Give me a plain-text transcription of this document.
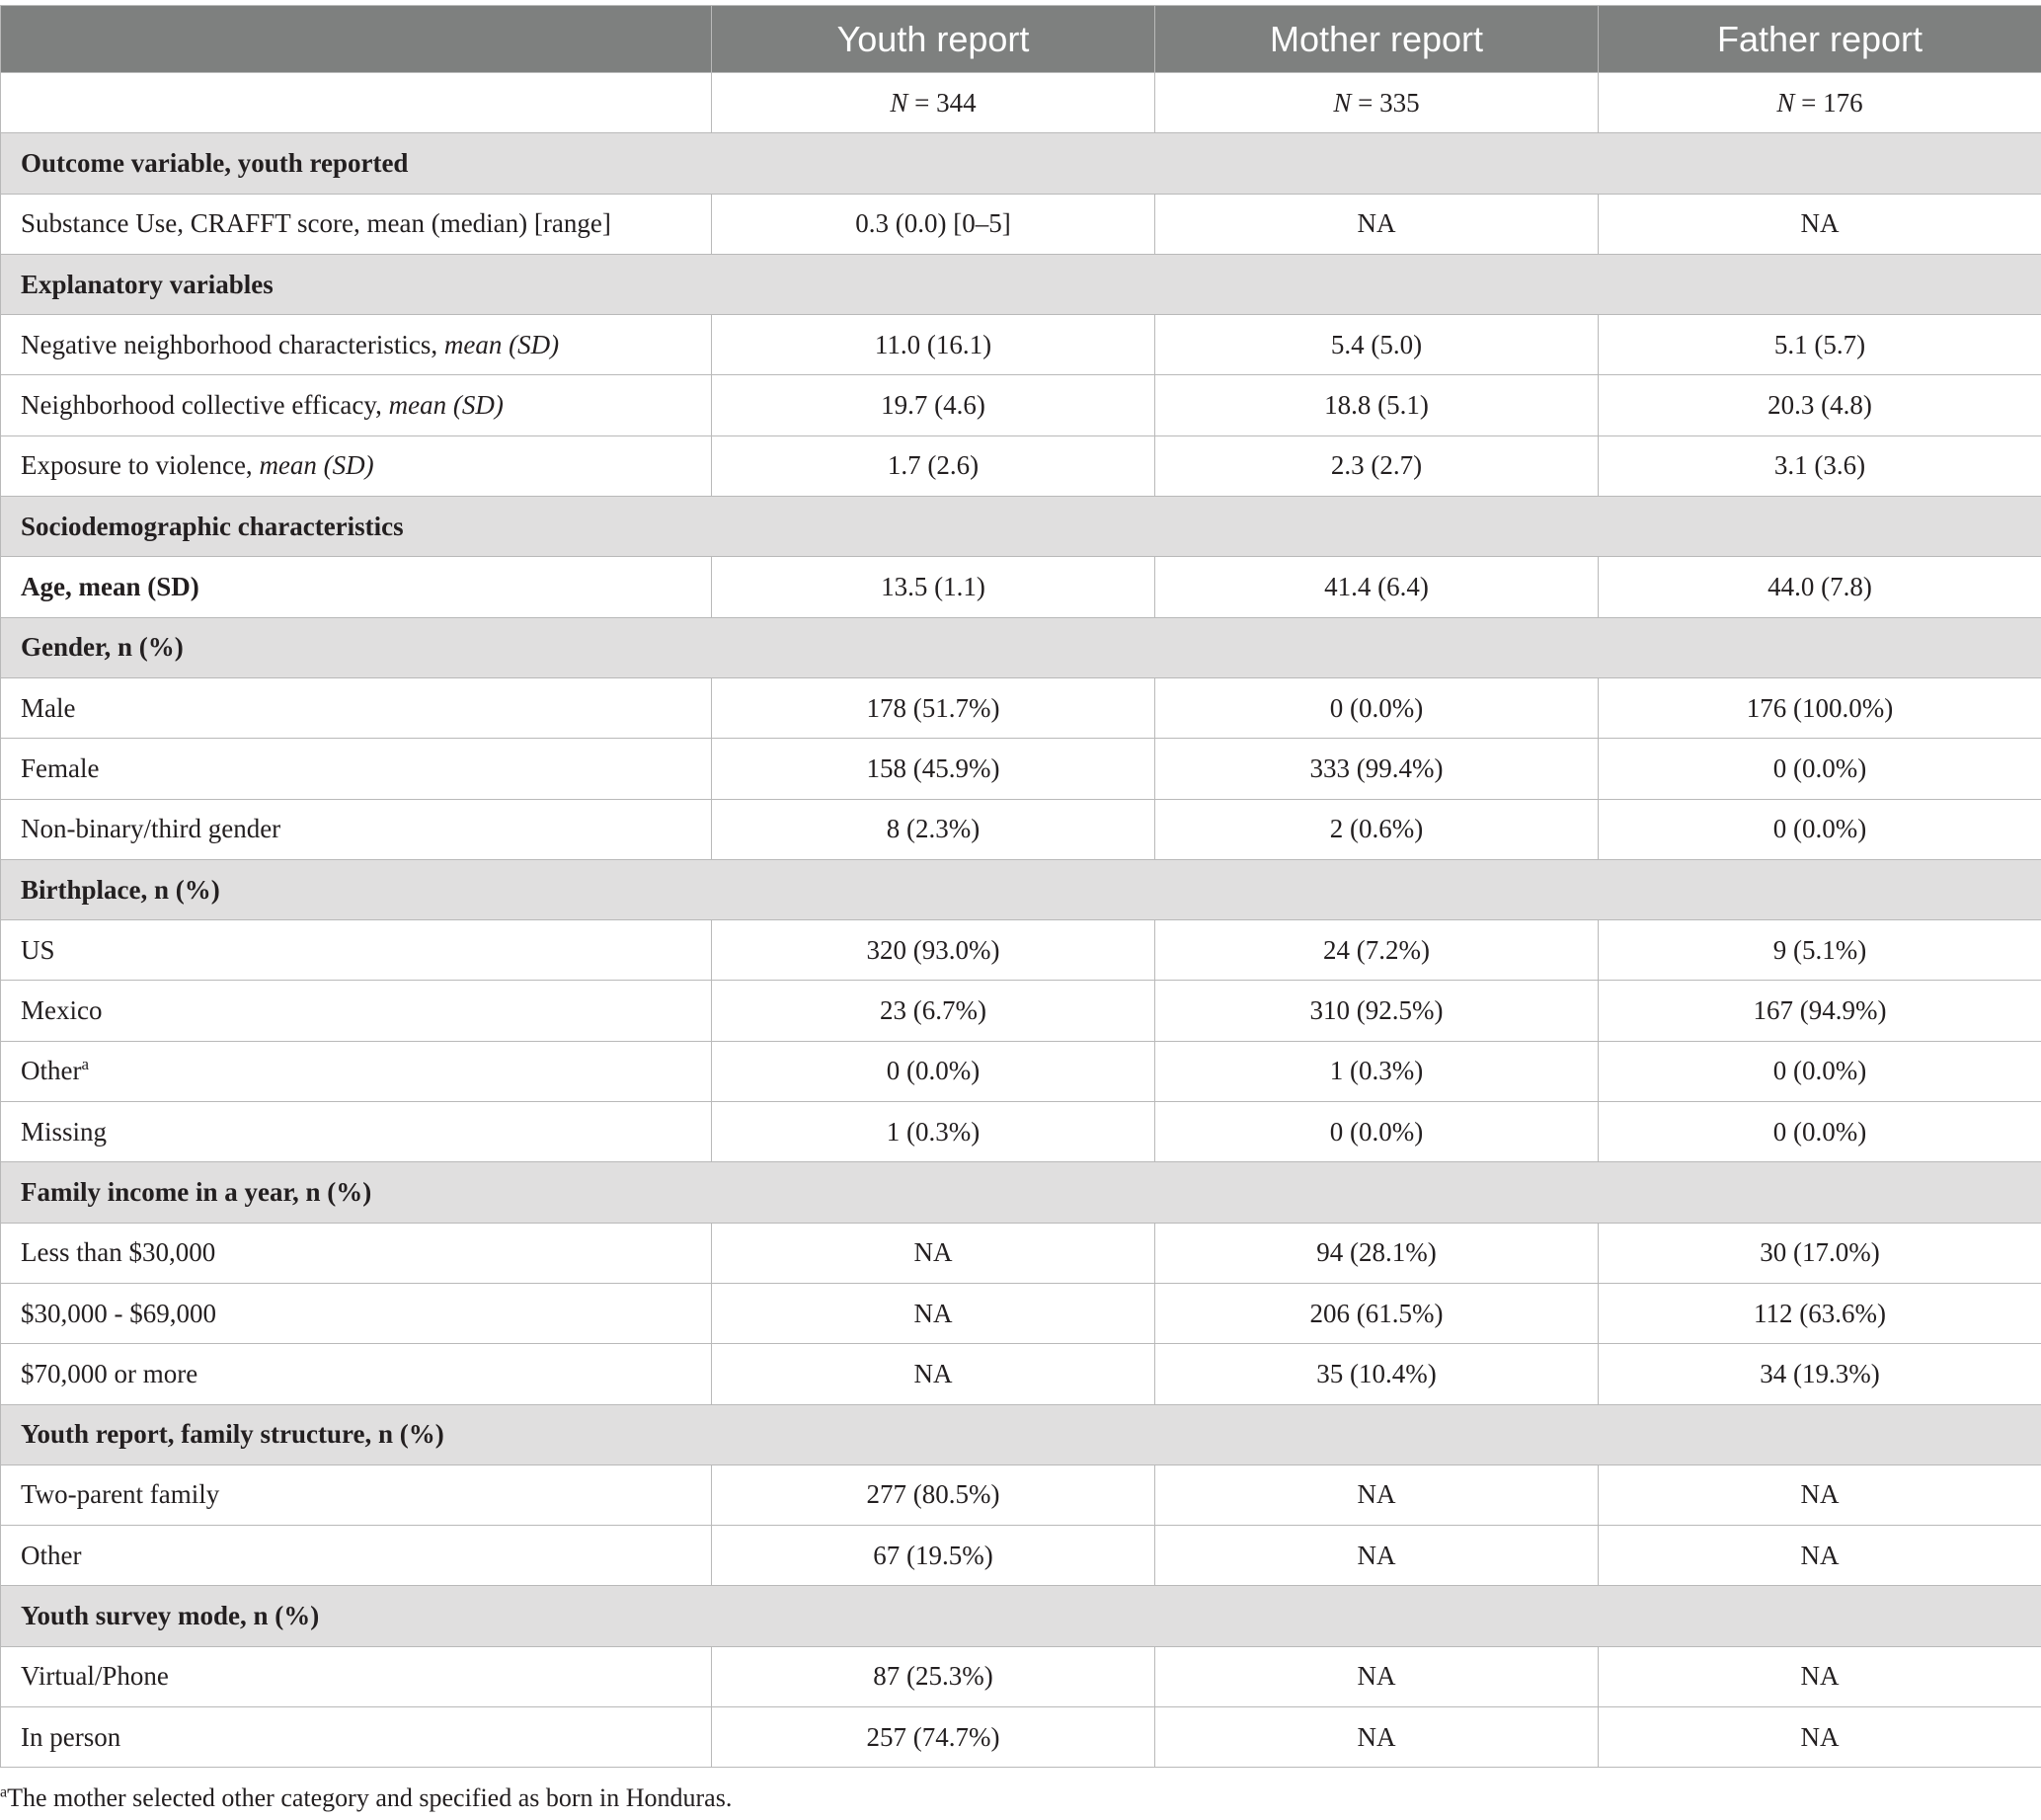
	Youth report	Mother report	Father report
	N = 344	N = 335	N = 176
Outcome variable, youth reported			
Substance Use, CRAFFT score, mean (median) [range]	0.3 (0.0) [0–5]	NA	NA
Explanatory variables			
Negative neighborhood characteristics, mean (SD)	11.0 (16.1)	5.4 (5.0)	5.1 (5.7)
Neighborhood collective efficacy, mean (SD)	19.7 (4.6)	18.8 (5.1)	20.3 (4.8)
Exposure to violence, mean (SD)	1.7 (2.6)	2.3 (2.7)	3.1 (3.6)
Sociodemographic characteristics			
Age, mean (SD)	13.5 (1.1)	41.4 (6.4)	44.0 (7.8)
Gender, n (%)			
Male	178 (51.7%)	0 (0.0%)	176 (100.0%)
Female	158 (45.9%)	333 (99.4%)	0 (0.0%)
Non-binary/third gender	8 (2.3%)	2 (0.6%)	0 (0.0%)
Birthplace, n (%)			
US	320 (93.0%)	24 (7.2%)	9 (5.1%)
Mexico	23 (6.7%)	310 (92.5%)	167 (94.9%)
Other$^a$	0 (0.0%)	1 (0.3%)	0 (0.0%)
Missing	1 (0.3%)	0 (0.0%)	0 (0.0%)
Family income in a year, n (%)			
Less than $30,000	NA	94 (28.1%)	30 (17.0%)
$30,000 - $69,000	NA	206 (61.5%)	112 (63.6%)
$70,000 or more	NA	35 (10.4%)	34 (19.3%)
Youth report, family structure, n (%)			
Two-parent family	277 (80.5%)	NA	NA
Other	67 (19.5%)	NA	NA
Youth survey mode, n (%)			
Virtual/Phone	87 (25.3%)	NA	NA
In person	257 (74.7%)	NA	NA
$^a$The mother selected other category and specified as born in Honduras.
